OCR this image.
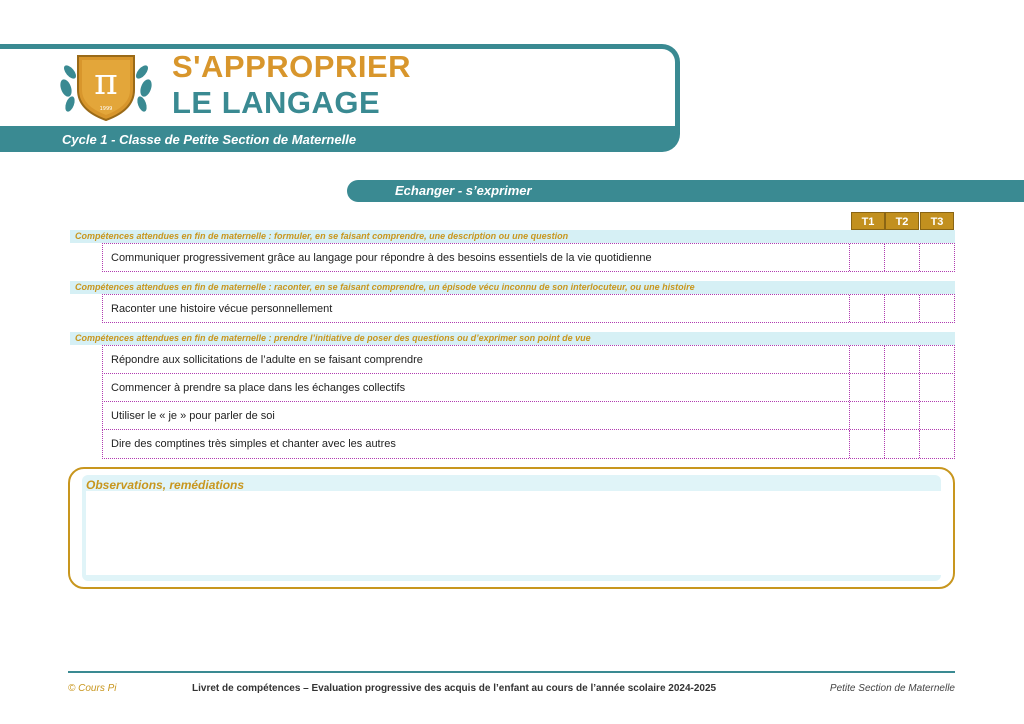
π
1999
S'APPROPRIER
LE LANGAGE
Cycle 1 - Classe de Petite Section de Maternelle
Echanger - s’exprimer
T1	T2	T3
Compétences attendues en fin de maternelle : formuler, en se faisant comprendre, une description ou une question
Communiquer progressivement grâce au langage pour répondre à des besoins essentiels de la vie quotidienne
Compétences attendues en fin de maternelle : raconter, en se faisant comprendre, un épisode vécu inconnu de son interlocuteur, ou une histoire
Raconter une histoire vécue personnellement
Compétences attendues en fin de maternelle : prendre l’initiative de poser des questions ou d’exprimer son point de vue
Répondre aux sollicitations de l’adulte en se faisant comprendre
Commencer à prendre sa place dans les échanges collectifs
Utiliser le « je » pour parler de soi
Dire des comptines très simples et chanter avec les autres
Observations, remédiations
© Cours Pi	Livret de compétences – Evaluation progressive des acquis de l’enfant au cours de l’année scolaire 2024-2025	Petite Section de Maternelle
